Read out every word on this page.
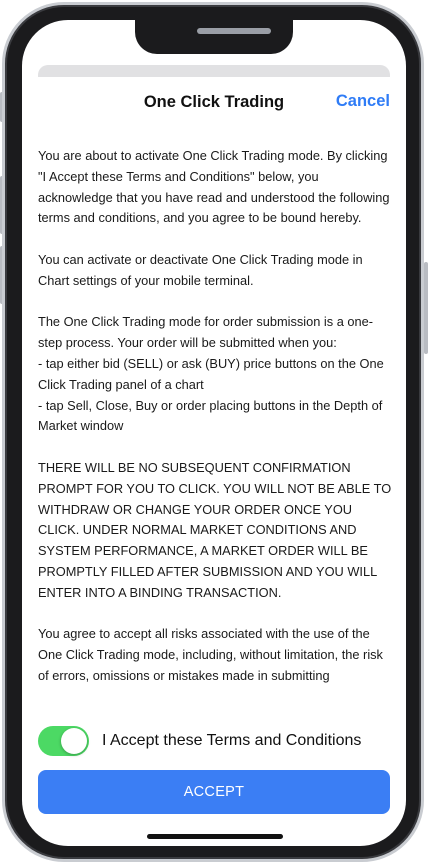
One Click Trading	Cancel

You are about to activate One Click Trading mode. By clicking "I Accept these Terms and Conditions" below, you acknowledge that you have read and understood the following terms and conditions, and you agree to be bound hereby.

You can activate or deactivate One Click Trading mode in Chart settings of your mobile terminal.

The One Click Trading mode for order submission is a one-step process. Your order will be submitted when you:
- tap either bid (SELL) or ask (BUY) price buttons on the One Click Trading panel of a chart
- tap Sell, Close, Buy or order placing buttons in the Depth of Market window

THERE WILL BE NO SUBSEQUENT CONFIRMATION PROMPT FOR YOU TO CLICK. YOU WILL NOT BE ABLE TO WITHDRAW OR CHANGE YOUR ORDER ONCE YOU CLICK. UNDER NORMAL MARKET CONDITIONS AND SYSTEM PERFORMANCE, A MARKET ORDER WILL BE PROMPTLY FILLED AFTER SUBMISSION AND YOU WILL ENTER INTO A BINDING TRANSACTION.

You agree to accept all risks associated with the use of the One Click Trading mode, including, without limitation, the risk of errors, omissions or mistakes made in submitting

I Accept these Terms and Conditions
ACCEPT
